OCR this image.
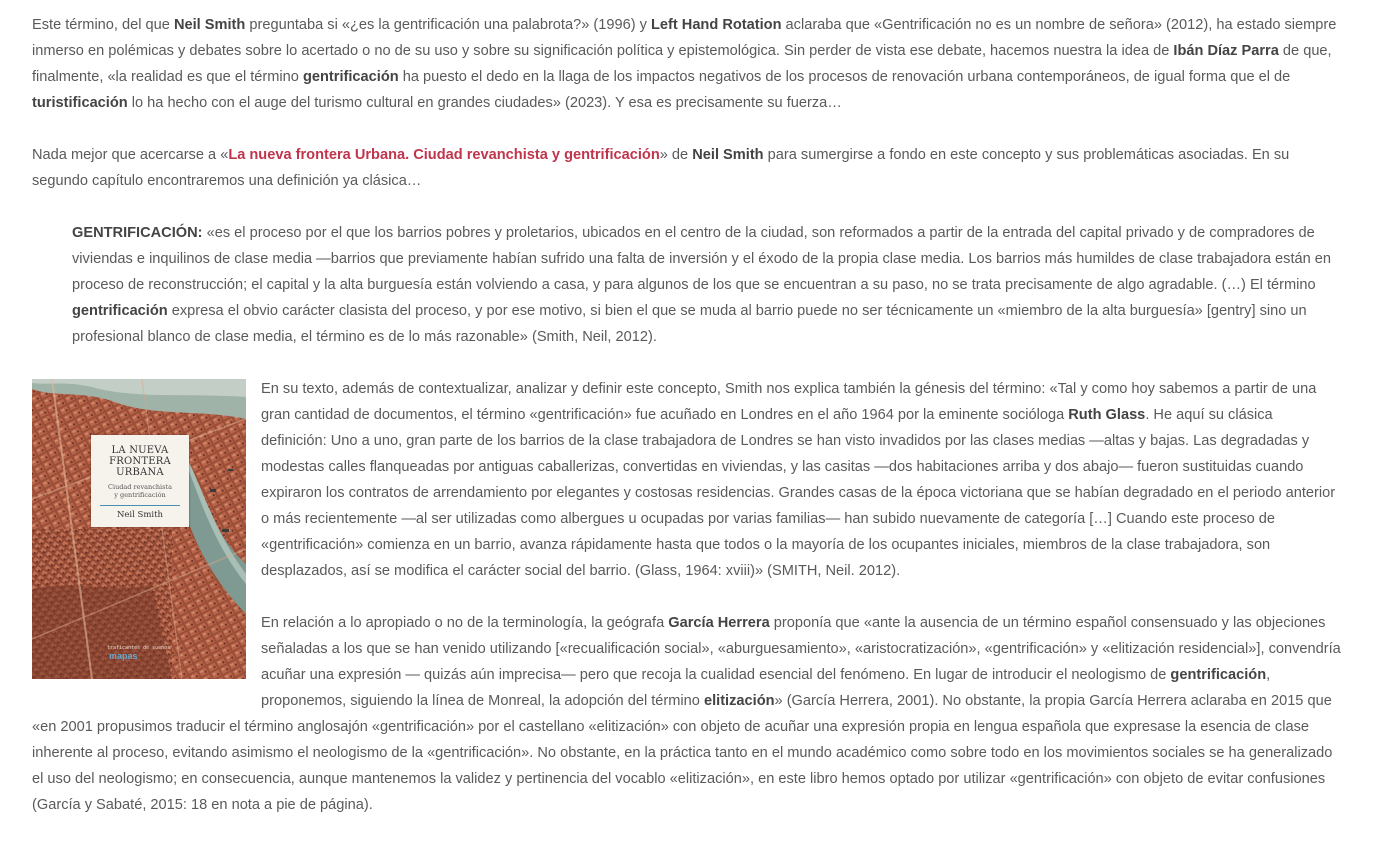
Este término, del que Neil Smith preguntaba si «¿es la gentrificación una palabrota?» (1996) y Left Hand Rotation aclaraba que «Gentrificación no es un nombre de señora» (2012), ha estado siempre inmerso en polémicas y debates sobre lo acertado o no de su uso y sobre su significación política y epistemológica. Sin perder de vista ese debate, hacemos nuestra la idea de Ibán Díaz Parra de que, finalmente, «la realidad es que el término gentrificación ha puesto el dedo en la llaga de los impactos negativos de los procesos de renovación urbana contemporáneos, de igual forma que el de turistificación lo ha hecho con el auge del turismo cultural en grandes ciudades» (2023). Y esa es precisamente su fuerza…

Nada mejor que acercarse a «La nueva frontera Urbana. Ciudad revanchista y gentrificación» de Neil Smith para sumergirse a fondo en este concepto y sus problemáticas asociadas. En su segundo capítulo encontraremos una definición ya clásica…

GENTRIFICACIÓN: «es el proceso por el que los barrios pobres y proletarios, ubicados en el centro de la ciudad, son reformados a partir de la entrada del capital privado y de compradores de viviendas e inquilinos de clase media —barrios que previamente habían sufrido una falta de inversión y el éxodo de la propia clase media. Los barrios más humildes de clase trabajadora están en proceso de reconstrucción; el capital y la alta burguesía están volviendo a casa, y para algunos de los que se encuentran a su paso, no se trata precisamente de algo agradable. (…) El término gentrificación expresa el obvio carácter clasista del proceso, y por ese motivo, si bien el que se muda al barrio puede no ser técnicamente un «miembro de la alta burguesía» [gentry] sino un profesional blanco de clase media, el término es de lo más razonable» (Smith, Neil, 2012).
LA NUEVA
FRONTERA URBANA
Ciudad revanchista
y gentrificación
Neil Smith
traficantes de sueños
mapas

En su texto, además de contextualizar, analizar y definir este concepto, Smith nos explica también la génesis del término: «Tal y como hoy sabemos a partir de una gran cantidad de documentos, el término «gentrificación» fue acuñado en Londres en el año 1964 por la eminente socióloga Ruth Glass. He aquí su clásica definición: Uno a uno, gran parte de los barrios de la clase trabajadora de Londres se han visto invadidos por las clases medias —altas y bajas. Las degradadas y modestas calles flanqueadas por antiguas caballerizas, convertidas en viviendas, y las casitas —dos habitaciones arriba y dos abajo— fueron sustituidas cuando expiraron los contratos de arrendamiento por elegantes y costosas residencias. Grandes casas de la época victoriana que se habían degradado en el periodo anterior o más recientemente —al ser utilizadas como albergues u ocupadas por varias familias— han subido nuevamente de categoría […] Cuando este proceso de «gentrificación» comienza en un barrio, avanza rápidamente hasta que todos o la mayoría de los ocupantes iniciales, miembros de la clase trabajadora, son desplazados, así se modifica el carácter social del barrio. (Glass, 1964: xviii)» (SMITH, Neil. 2012).

En relación a lo apropiado o no de la terminología, la geógrafa García Herrera proponía que «ante la ausencia de un término español consensuado y las objeciones señaladas a los que se han venido utilizando [«recualificación social», «aburguesamiento», «aristocratización», «gentrificación» y «elitización residencial»], convendría acuñar una expresión — quizás aún imprecisa— pero que recoja la cualidad esencial del fenómeno. En lugar de introducir el neologismo de gentrificación, proponemos, siguiendo la línea de Monreal, la adopción del término elitización» (García Herrera, 2001). No obstante, la propia García Herrera aclaraba en 2015 que «en 2001 propusimos traducir el término anglosajón «gentrificación» por el castellano «elitización» con objeto de acuñar una expresión propia en lengua española que expresase la esencia de clase inherente al proceso, evitando asimismo el neologismo de la «gentrificación». No obstante, en la práctica tanto en el mundo académico como sobre todo en los movimientos sociales se ha generalizado el uso del neologismo; en consecuencia, aunque mantenemos la validez y pertinencia del vocablo «elitización», en este libro hemos optado por utilizar «gentrificación» con objeto de evitar confusiones (García y Sabaté, 2015: 18 en nota a pie de página).
